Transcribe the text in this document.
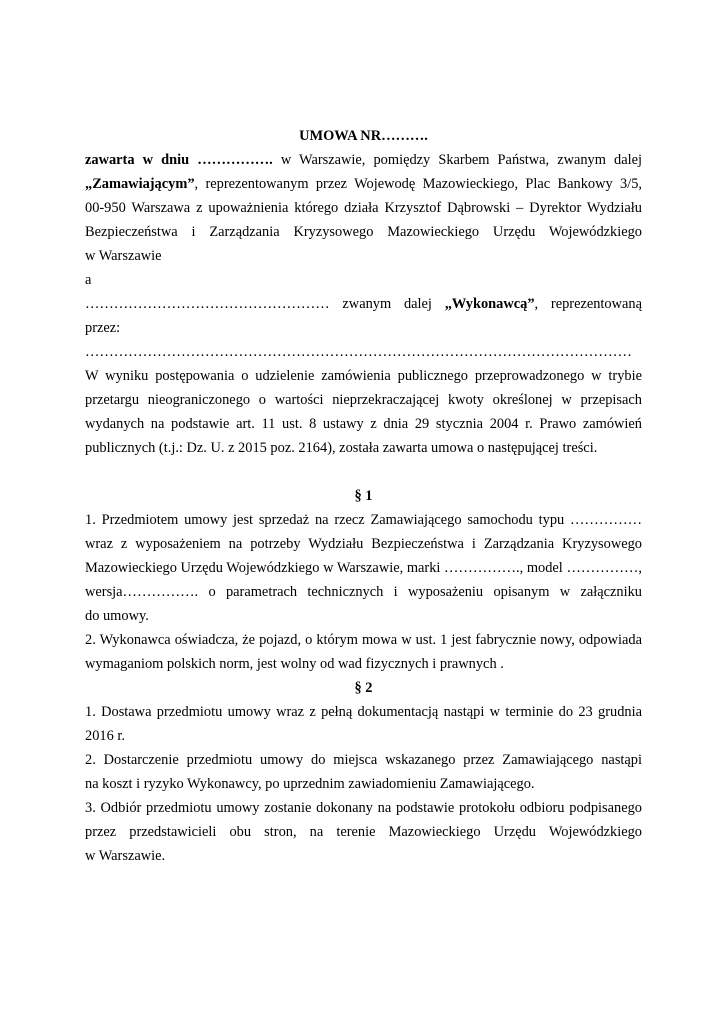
UMOWA NR……….

zawarta w dniu ……………. w Warszawie, pomiędzy Skarbem Państwa, zwanym dalej

„Zamawiającym”, reprezentowanym przez Wojewodę Mazowieckiego, Plac Bankowy 3/5,

00-950 Warszawa z upoważnienia którego działa Krzysztof Dąbrowski – Dyrektor Wydziału

Bezpieczeństwa i Zarządzania Kryzysowego Mazowieckiego Urzędu Wojewódzkiego

w Warszawie

a

…………………………………………… zwanym dalej „Wykonawcą”, reprezentowaną przez:

……………………………………………………………………………………………………

W wyniku postępowania o udzielenie zamówienia publicznego przeprowadzonego w trybie

przetargu nieograniczonego o wartości nieprzekraczającej kwoty określonej w przepisach

wydanych na podstawie art. 11 ust. 8 ustawy z dnia 29 stycznia 2004 r. Prawo zamówień

publicznych (t.j.: Dz. U. z 2015 poz. 2164), została zawarta umowa o następującej treści.

§ 1

1. Przedmiotem umowy jest sprzedaż na rzecz Zamawiającego samochodu typu ……………

wraz z wyposażeniem na potrzeby Wydziału Bezpieczeństwa i Zarządzania Kryzysowego

Mazowieckiego Urzędu Wojewódzkiego w Warszawie, marki ……………., model ……………,

wersja……………. o parametrach technicznych i wyposażeniu opisanym w załączniku

do umowy.

2. Wykonawca oświadcza, że pojazd, o którym mowa w ust. 1 jest fabrycznie nowy, odpowiada

wymaganiom polskich norm, jest wolny od wad fizycznych i prawnych .

§ 2

1. Dostawa przedmiotu umowy wraz z pełną dokumentacją nastąpi w terminie do 23 grudnia

2016 r.

2. Dostarczenie przedmiotu umowy do miejsca wskazanego przez Zamawiającego nastąpi

na koszt i ryzyko Wykonawcy, po uprzednim zawiadomieniu Zamawiającego.

3. Odbiór przedmiotu umowy zostanie dokonany na podstawie protokołu odbioru podpisanego

przez przedstawicieli obu stron, na terenie Mazowieckiego Urzędu Wojewódzkiego

w Warszawie.
